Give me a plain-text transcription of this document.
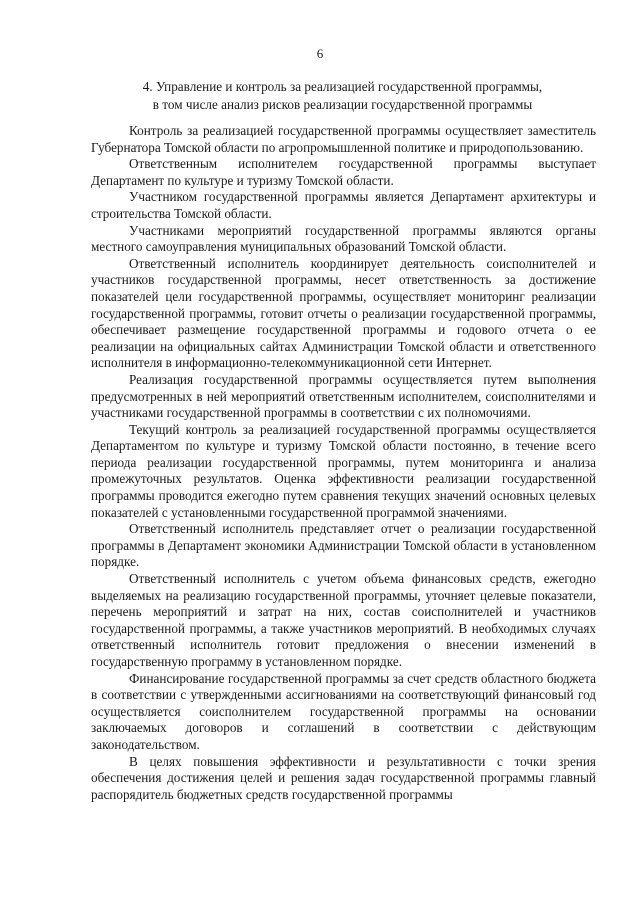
6
4. Управление и контроль за реализацией государственной программы,
в том числе анализ рисков реализации государственной программы

Контроль за реализацией государственной программы осуществляет заместитель Губернатора Томской области по агропромышленной политике и природопользованию.

Ответственным исполнителем государственной программы выступает Департамент по культуре и туризму Томской области.

Участником государственной программы является Департамент архитектуры и строительства Томской области.

Участниками мероприятий государственной программы являются органы местного самоуправления муниципальных образований Томской области.

Ответственный исполнитель координирует деятельность соисполнителей и участников государственной программы, несет ответственность за достижение показателей цели государственной программы, осуществляет мониторинг реализации государственной программы, готовит отчеты о реализации государственной программы, обеспечивает размещение государственной программы и годового отчета о ее реализации на официальных сайтах Администрации Томской области и ответственного исполнителя в информационно-телекоммуникационной сети Интернет.

Реализация государственной программы осуществляется путем выполнения предусмотренных в ней мероприятий ответственным исполнителем, соисполнителями и участниками государственной программы в соответствии с их полномочиями.

Текущий контроль за реализацией государственной программы осуществляется Департаментом по культуре и туризму Томской области постоянно, в течение всего периода реализации государственной программы, путем мониторинга и анализа промежуточных результатов. Оценка эффективности реализации государственной программы проводится ежегодно путем сравнения текущих значений основных целевых показателей с установленными государственной программой значениями.

Ответственный исполнитель представляет отчет о реализации государственной программы в Департамент экономики Администрации Томской области в установленном порядке.

Ответственный исполнитель с учетом объема финансовых средств, ежегодно выделяемых на реализацию государственной программы, уточняет целевые показатели, перечень мероприятий и затрат на них, состав соисполнителей и участников государственной программы, а также участников мероприятий. В необходимых случаях ответственный исполнитель готовит предложения о внесении изменений в государственную программу в установленном порядке.

Финансирование государственной программы за счет средств областного бюджета в соответствии с утвержденными ассигнованиями на соответствующий финансовый год осуществляется соисполнителем государственной программы на основании заключаемых договоров и соглашений в соответствии с действующим законодательством.

В целях повышения эффективности и результативности с точки зрения обеспечения достижения целей и решения задач государственной программы главный распорядитель бюджетных средств государственной программы
